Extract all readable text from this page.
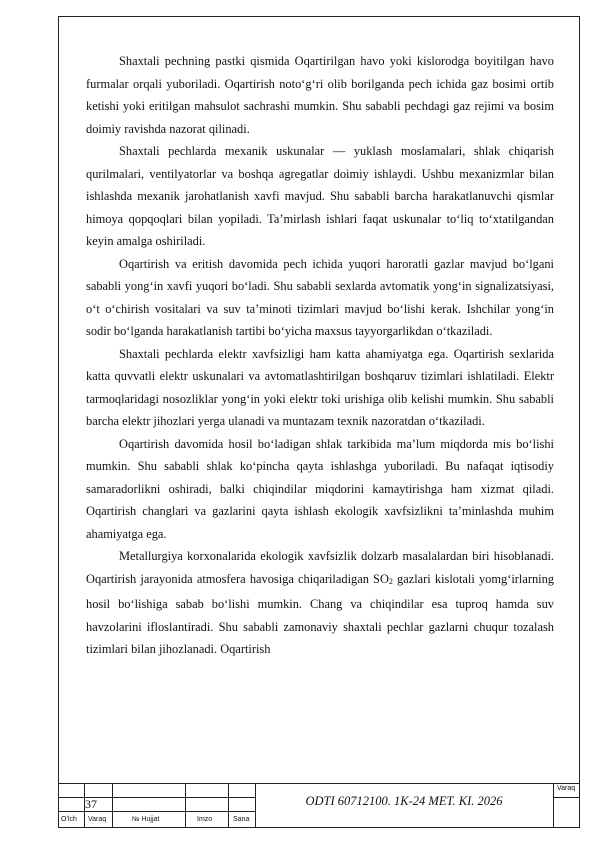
Shaxtali pechning pastki qismida Oqartirilgan havo yoki kislorodga boyitilgan havo furmalar orqali yuboriladi. Oqartirish noto‘g‘ri olib borilganda pech ichida gaz bosimi ortib ketishi yoki eritilgan mahsulot sachrashi mumkin. Shu sababli pechdagi gaz rejimi va bosim doimiy ravishda nazorat qilinadi.

Shaxtali pechlarda mexanik uskunalar — yuklash moslamalari, shlak chiqarish qurilmalari, ventilyatorlar va boshqa agregatlar doimiy ishlaydi. Ushbu mexanizmlar bilan ishlashda mexanik jarohatlanish xavfi mavjud. Shu sababli barcha harakatlanuvchi qismlar himoya qopqoqlari bilan yopiladi. Ta’mirlash ishlari faqat uskunalar to‘liq to‘xtatilgandan keyin amalga oshiriladi.

Oqartirish va eritish davomida pech ichida yuqori haroratli gazlar mavjud bo‘lgani sababli yong‘in xavfi yuqori bo‘ladi. Shu sababli sexlarda avtomatik yong‘in signalizatsiyasi, o‘t o‘chirish vositalari va suv ta’minoti tizimlari mavjud bo‘lishi kerak. Ishchilar yong‘in sodir bo‘lganda harakatlanish tartibi bo‘yicha maxsus tayyorgarlikdan o‘tkaziladi.

Shaxtali pechlarda elektr xavfsizligi ham katta ahamiyatga ega. Oqartirish sexlarida katta quvvatli elektr uskunalari va avtomatlashtirilgan boshqaruv tizimlari ishlatiladi. Elektr tarmoqlaridagi nosozliklar yong‘in yoki elektr toki urishiga olib kelishi mumkin. Shu sababli barcha elektr jihozlari yerga ulanadi va muntazam texnik nazoratdan o‘tkaziladi.

Oqartirish davomida hosil bo‘ladigan shlak tarkibida ma’lum miqdorda mis bo‘lishi mumkin. Shu sababli shlak ko‘pincha qayta ishlashga yuboriladi. Bu nafaqat iqtisodiy samaradorlikni oshiradi, balki chiqindilar miqdorini kamaytirishga ham xizmat qiladi. Oqartirish changlari va gazlarini qayta ishlash ekologik xavfsizlikni ta’minlashda muhim ahamiyatga ega.

Metallurgiya korxonalarida ekologik xavfsizlik dolzarb masalalardan biri hisoblanadi. Oqartirish jarayonida atmosfera havosiga chiqariladigan SO2 gazlari kislotali yomg‘irlarning hosil bo‘lishiga sabab bo‘lishi mumkin. Chang va chiqindilar esa tuproq hamda suv havzolarini ifloslantiradi. Shu sababli zamonaviy shaxtali pechlar gazlarni chuqur tozalash tizimlari bilan jihozlanadi. Oqartirish

37	ODTI 60712100. 1K-24 MET. KI. 2026
Varaq
O‘lch Varaq	№ Hujjat	Imzo	Sana
